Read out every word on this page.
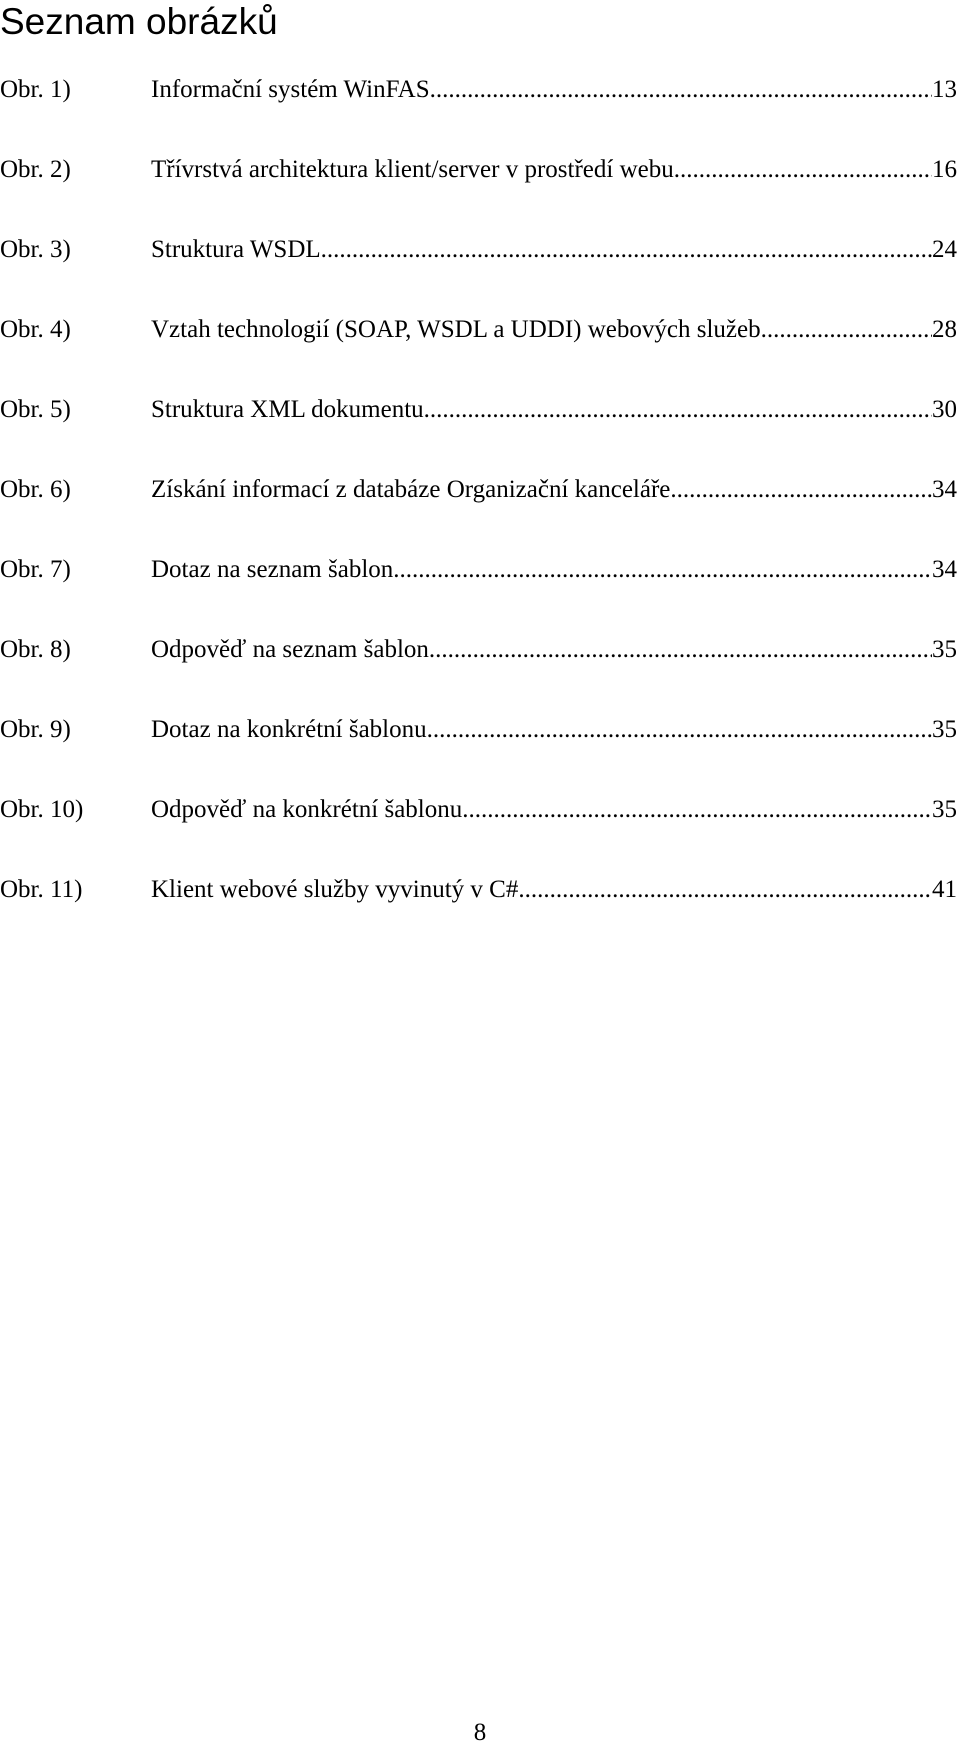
Seznam obrázků
Obr. 1)	Informační systém WinFAS .....	13
Obr. 2)	Třívrstvá architektura klient/server v prostředí webu .....	16
Obr. 3)	Struktura WSDL .....	24
Obr. 4)	Vztah technologií (SOAP, WSDL a UDDI) webových služeb .....	28
Obr. 5)	Struktura XML dokumentu .....	30
Obr. 6)	Získání informací z databáze Organizační kanceláře .....	34
Obr. 7)	Dotaz na seznam šablon .....	34
Obr. 8)	Odpověď na seznam šablon .....	35
Obr. 9)	Dotaz na konkrétní šablonu .....	35
Obr. 10)	Odpověď na konkrétní šablonu .....	35
Obr. 11)	Klient webové služby vyvinutý v C# .....	41
8
